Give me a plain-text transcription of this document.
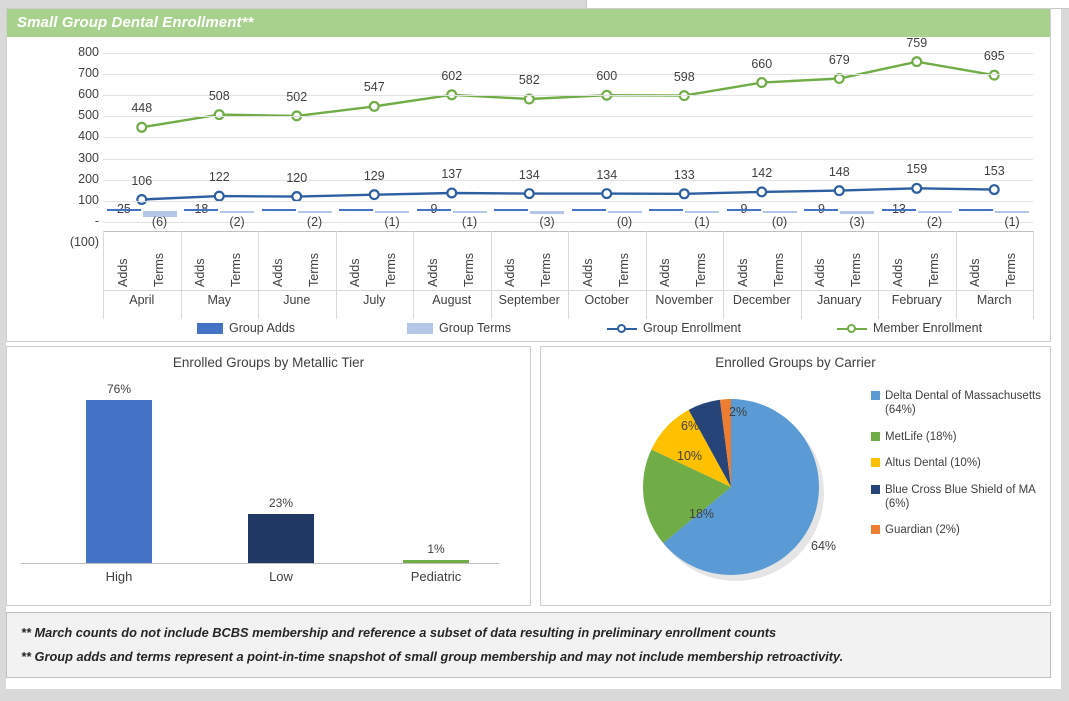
Small Group Dental Enrollment**
800
700
600
500
400
300
200
100
-
(100)
448
508	502
547
602	582	600	598
660	679
759
695
106	122	120	129	137	134	134	133	142	148	159	153
Adds	Terms
April
Adds	Terms
May
Adds	Terms
June
Adds	Terms
July
Adds	Terms
August
Adds	Terms
September
Adds	Terms
October
Adds	Terms
November
Adds	Terms
December
Adds	Terms
January
Adds	Terms
February
Adds	Terms
March
Group Adds	Group Terms	Group Enrollment	Member Enrollment
(6)	(2)	(2)	(1)	(1)	(3)	(0)	(1)	(0)	(3)	(2)	(1)
Enrolled Groups by Metallic Tier
76%
23%
1%
High	Low	Pediatric
Enrolled Groups by Carrier
64%
18%
10%
6%
2%
Delta Dental of Massachusetts (64%)
MetLife (18%)
Altus Dental (10%)
Blue Cross Blue Shield of MA (6%)
Guardian (2%)

** March counts do not include BCBS membership and reference a subset of data resulting in preliminary enrollment counts

** Group adds and terms represent a point-in-time snapshot of small group membership and may not include membership retroactivity.
